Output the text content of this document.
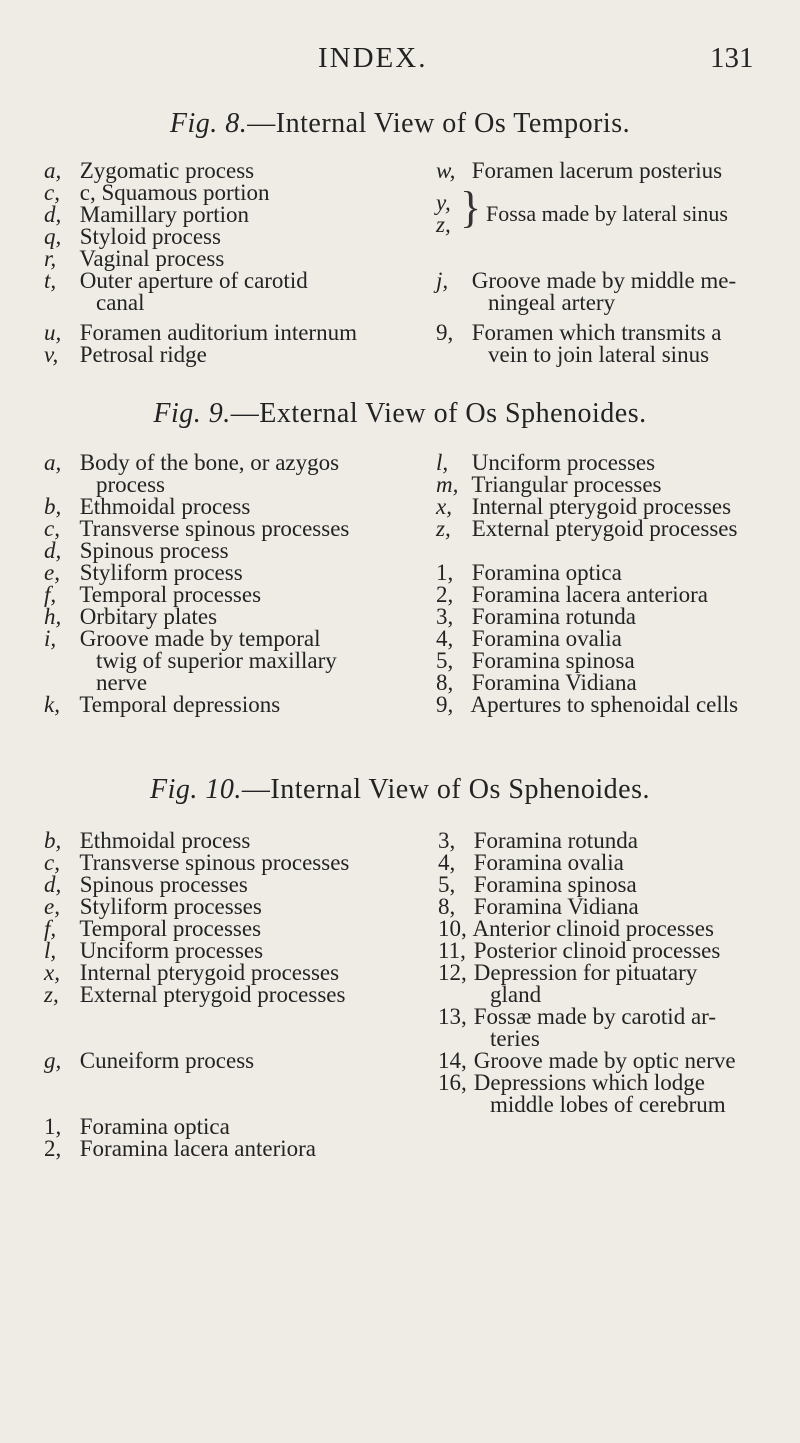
INDEX.	131
Fig. 8.—Internal View of Os Temporis.
a, Zygomatic process
c, c, Squamous portion
d, Mamillary portion
q, Styloid process
r, Vaginal process
t, Outer aperture of carotid
canal
u, Foramen auditorium internum
v, Petrosal ridge
w, Foramen lacerum posterius
y,
z, } Fossa made by lateral sinus
j, Groove made by middle me-
ningeal artery
9, Foramen which transmits a
vein to join lateral sinus
Fig. 9.—External View of Os Sphenoides.
a, Body of the bone, or azygos
process
b, Ethmoidal process
c, Transverse spinous processes
d, Spinous process
e, Styliform process
f, Temporal processes
h, Orbitary plates
i, Groove made by temporal
twig of superior maxillary
nerve
k, Temporal depressions
l, Unciform processes
m, Triangular processes
x, Internal pterygoid processes
z, External pterygoid processes
1, Foramina optica
2, Foramina lacera anteriora
3, Foramina rotunda
4, Foramina ovalia
5, Foramina spinosa
8, Foramina Vidiana
9, Apertures to sphenoidal cells
Fig. 10.—Internal View of Os Sphenoides.
b, Ethmoidal process
c, Transverse spinous processes
d, Spinous processes
e, Styliform processes
f, Temporal processes
l, Unciform processes
x, Internal pterygoid processes
z, External pterygoid processes
g, Cuneiform process
1, Foramina optica
2, Foramina lacera anteriora
3, Foramina rotunda
4, Foramina ovalia
5, Foramina spinosa
8, Foramina Vidiana
10, Anterior clinoid processes
11, Posterior clinoid processes
12, Depression for pituatary
gland
13, Fossæ made by carotid ar-
teries
14, Groove made by optic nerve
16, Depressions which lodge
middle lobes of cerebrum
